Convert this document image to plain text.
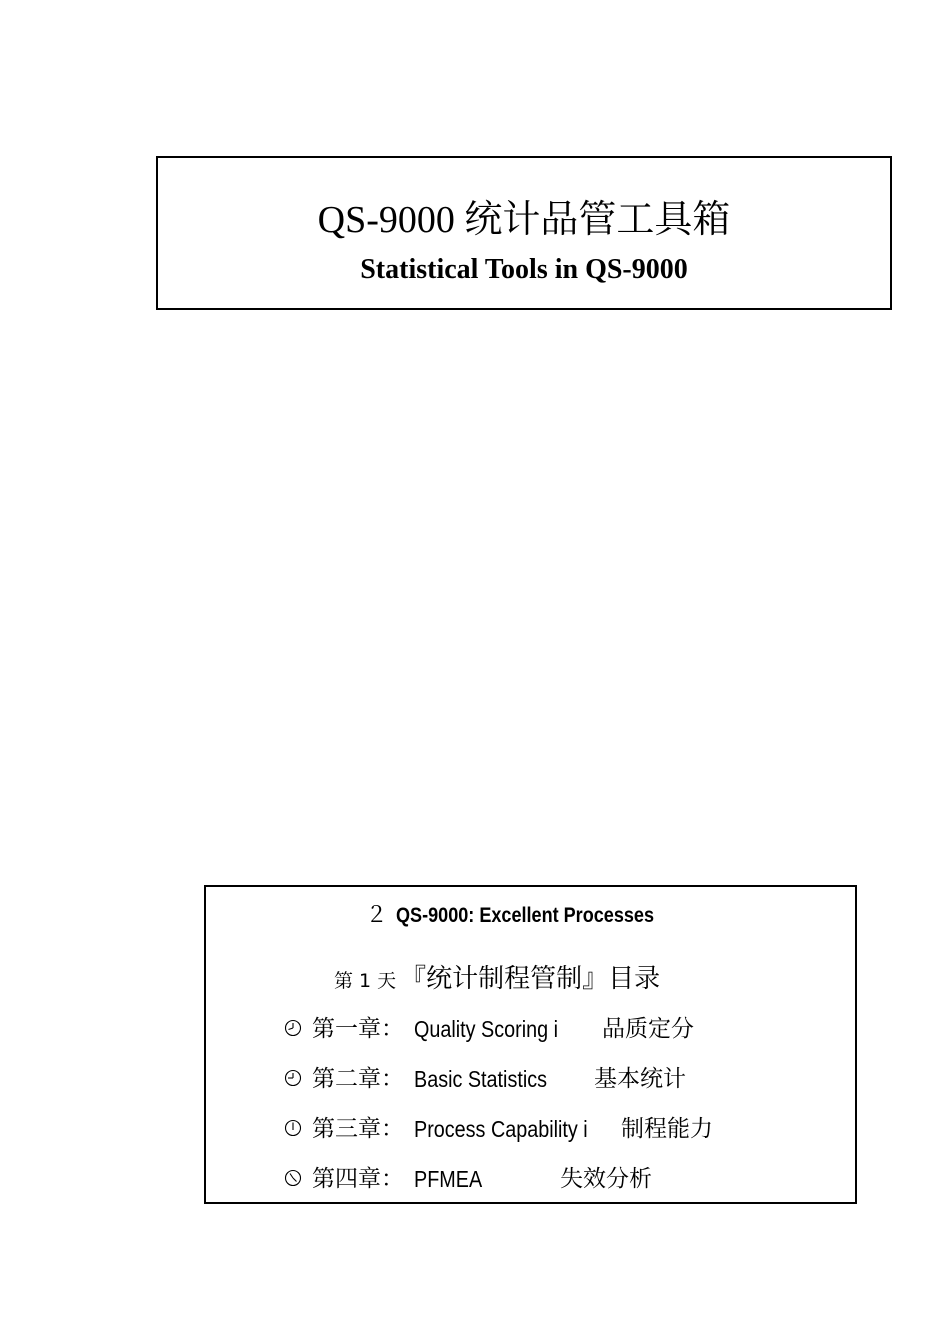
QS-9000 统计品管工具箱
Statistical Tools in QS-9000
２ QS-9000: Excellent Processes
第 1 天 『统计制程管制』目录
第一章： Quality Scoring i 品质定分
第二章： Basic Statistics 基本统计
第三章： Process Capability i 制程能力
第四章： PFMEA	失效分析
